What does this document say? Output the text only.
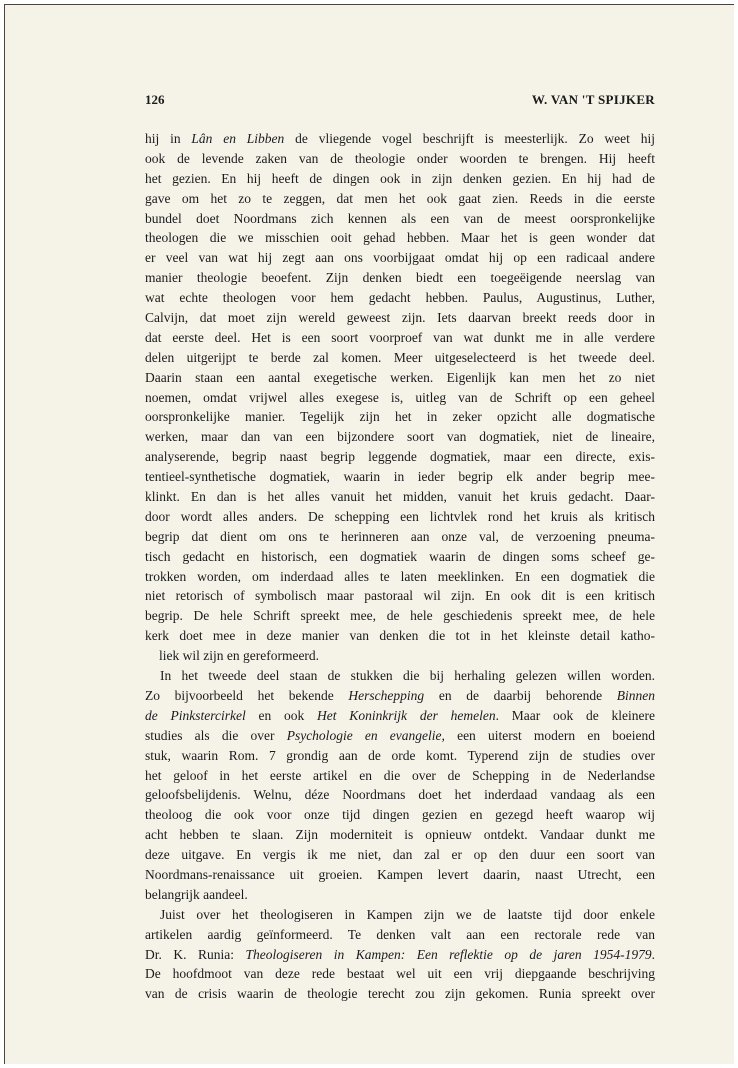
126	W. VAN 'T SPIJKER
hij in Lân en Libben de vliegende vogel beschrijft is meesterlijk. Zo weet hij
ook de levende zaken van de theologie onder woorden te brengen. Hij heeft
het gezien. En hij heeft de dingen ook in zijn denken gezien. En hij had de
gave om het zo te zeggen, dat men het ook gaat zien. Reeds in die eerste
bundel doet Noordmans zich kennen als een van de meest oorspronkelijke
theologen die we misschien ooit gehad hebben. Maar het is geen wonder dat
er veel van wat hij zegt aan ons voorbijgaat omdat hij op een radicaal andere
manier theologie beoefent. Zijn denken biedt een toegeëigende neerslag van
wat echte theologen voor hem gedacht hebben. Paulus, Augustinus, Luther,
Calvijn, dat moet zijn wereld geweest zijn. Iets daarvan breekt reeds door in
dat eerste deel. Het is een soort voorproef van wat dunkt me in alle verdere
delen uitgerijpt te berde zal komen. Meer uitgeselecteerd is het tweede deel.
Daarin staan een aantal exegetische werken. Eigenlijk kan men het zo niet
noemen, omdat vrijwel alles exegese is, uitleg van de Schrift op een geheel
oorspronkelijke manier. Tegelijk zijn het in zeker opzicht alle dogmatische
werken, maar dan van een bijzondere soort van dogmatiek, niet de lineaire,
analyserende, begrip naast begrip leggende dogmatiek, maar een directe, exis-
tentieel-synthetische dogmatiek, waarin in ieder begrip elk ander begrip mee-
klinkt. En dan is het alles vanuit het midden, vanuit het kruis gedacht. Daar-
door wordt alles anders. De schepping een lichtvlek rond het kruis als kritisch
begrip dat dient om ons te herinneren aan onze val, de verzoening pneuma-
tisch gedacht en historisch, een dogmatiek waarin de dingen soms scheef ge-
trokken worden, om inderdaad alles te laten meeklinken. En een dogmatiek die
niet retorisch of symbolisch maar pastoraal wil zijn. En ook dit is een kritisch
begrip. De hele Schrift spreekt mee, de hele geschiedenis spreekt mee, de hele
kerk doet mee in deze manier van denken die tot in het kleinste detail katho-
liek wil zijn en gereformeerd.
In het tweede deel staan de stukken die bij herhaling gelezen willen worden.
Zo bijvoorbeeld het bekende Herschepping en de daarbij behorende Binnen
de Pinkstercirkel en ook Het Koninkrijk der hemelen. Maar ook de kleinere
studies als die over Psychologie en evangelie, een uiterst modern en boeiend
stuk, waarin Rom. 7 grondig aan de orde komt. Typerend zijn de studies over
het geloof in het eerste artikel en die over de Schepping in de Nederlandse
geloofsbelijdenis. Welnu, déze Noordmans doet het inderdaad vandaag als een
theoloog die ook voor onze tijd dingen gezien en gezegd heeft waarop wij
acht hebben te slaan. Zijn moderniteit is opnieuw ontdekt. Vandaar dunkt me
deze uitgave. En vergis ik me niet, dan zal er op den duur een soort van
Noordmans-renaissance uit groeien. Kampen levert daarin, naast Utrecht, een
belangrijk aandeel.
Juist over het theologiseren in Kampen zijn we de laatste tijd door enkele
artikelen aardig geïnformeerd. Te denken valt aan een rectorale rede van
Dr. K. Runia: Theologiseren in Kampen: Een reflektie op de jaren 1954-1979.
De hoofdmoot van deze rede bestaat wel uit een vrij diepgaande beschrijving
van de crisis waarin de theologie terecht zou zijn gekomen. Runia spreekt over
